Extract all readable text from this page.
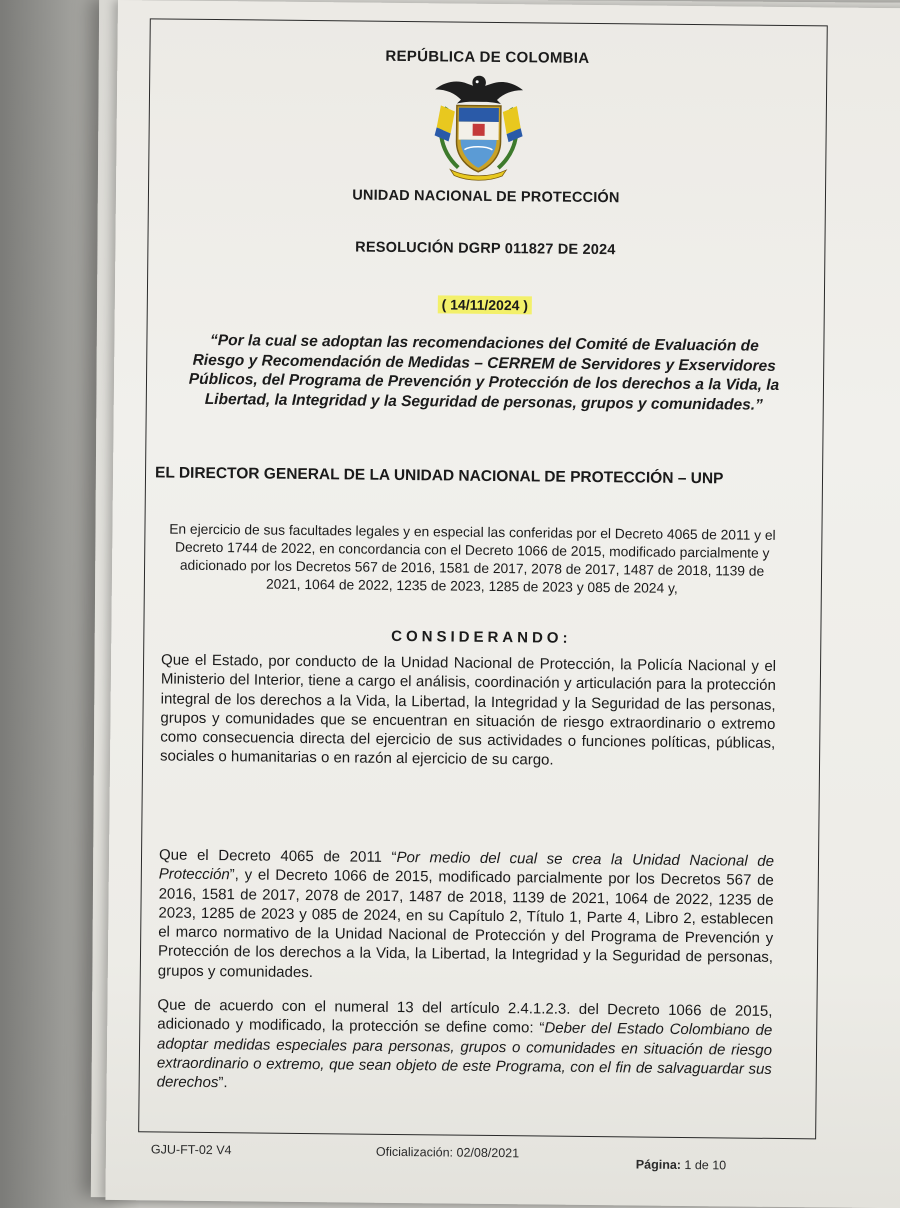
REPÚBLICA DE COLOMBIA
UNIDAD NACIONAL DE PROTECCIÓN
RESOLUCIÓN DGRP 011827 DE 2024
( 14/11/2024 )
“Por la cual se adoptan las recomendaciones del Comité de Evaluación de Riesgo y Recomendación de Medidas – CERREM de Servidores y Exservidores Públicos, del Programa de Prevención y Protección de los derechos a la Vida, la Libertad, la Integridad y la Seguridad de personas, grupos y comunidades.”
EL DIRECTOR GENERAL DE LA UNIDAD NACIONAL DE PROTECCIÓN – UNP
En ejercicio de sus facultades legales y en especial las conferidas por el Decreto 4065 de 2011 y el Decreto 1744 de 2022, en concordancia con el Decreto 1066 de 2015, modificado parcialmente y adicionado por los Decretos 567 de 2016, 1581 de 2017, 2078 de 2017, 1487 de 2018, 1139 de 2021, 1064 de 2022, 1235 de 2023, 1285 de 2023 y 085 de 2024 y,
CONSIDERANDO:
Que el Estado, por conducto de la Unidad Nacional de Protección, la Policía Nacional y el Ministerio del Interior, tiene a cargo el análisis, coordinación y articulación para la protección integral de los derechos a la Vida, la Libertad, la Integridad y la Seguridad de las personas, grupos y comunidades que se encuentran en situación de riesgo extraordinario o extremo como consecuencia directa del ejercicio de sus actividades o funciones políticas, públicas, sociales o humanitarias o en razón al ejercicio de su cargo.
Que el Decreto 4065 de 2011 “Por medio del cual se crea la Unidad Nacional de Protección”, y el Decreto 1066 de 2015, modificado parcialmente por los Decretos 567 de 2016, 1581 de 2017, 2078 de 2017, 1487 de 2018, 1139 de 2021, 1064 de 2022, 1235 de 2023, 1285 de 2023 y 085 de 2024, en su Capítulo 2, Título 1, Parte 4, Libro 2, establecen el marco normativo de la Unidad Nacional de Protección y del Programa de Prevención y Protección de los derechos a la Vida, la Libertad, la Integridad y la Seguridad de personas, grupos y comunidades.
Que de acuerdo con el numeral 13 del artículo 2.4.1.2.3. del Decreto 1066 de 2015, adicionado y modificado, la protección se define como: “Deber del Estado Colombiano de adoptar medidas especiales para personas, grupos o comunidades en situación de riesgo extraordinario o extremo, que sean objeto de este Programa, con el fin de salvaguardar sus derechos”.
GJU-FT-02 V4	Oficialización: 02/08/2021
Página: 1 de 10
